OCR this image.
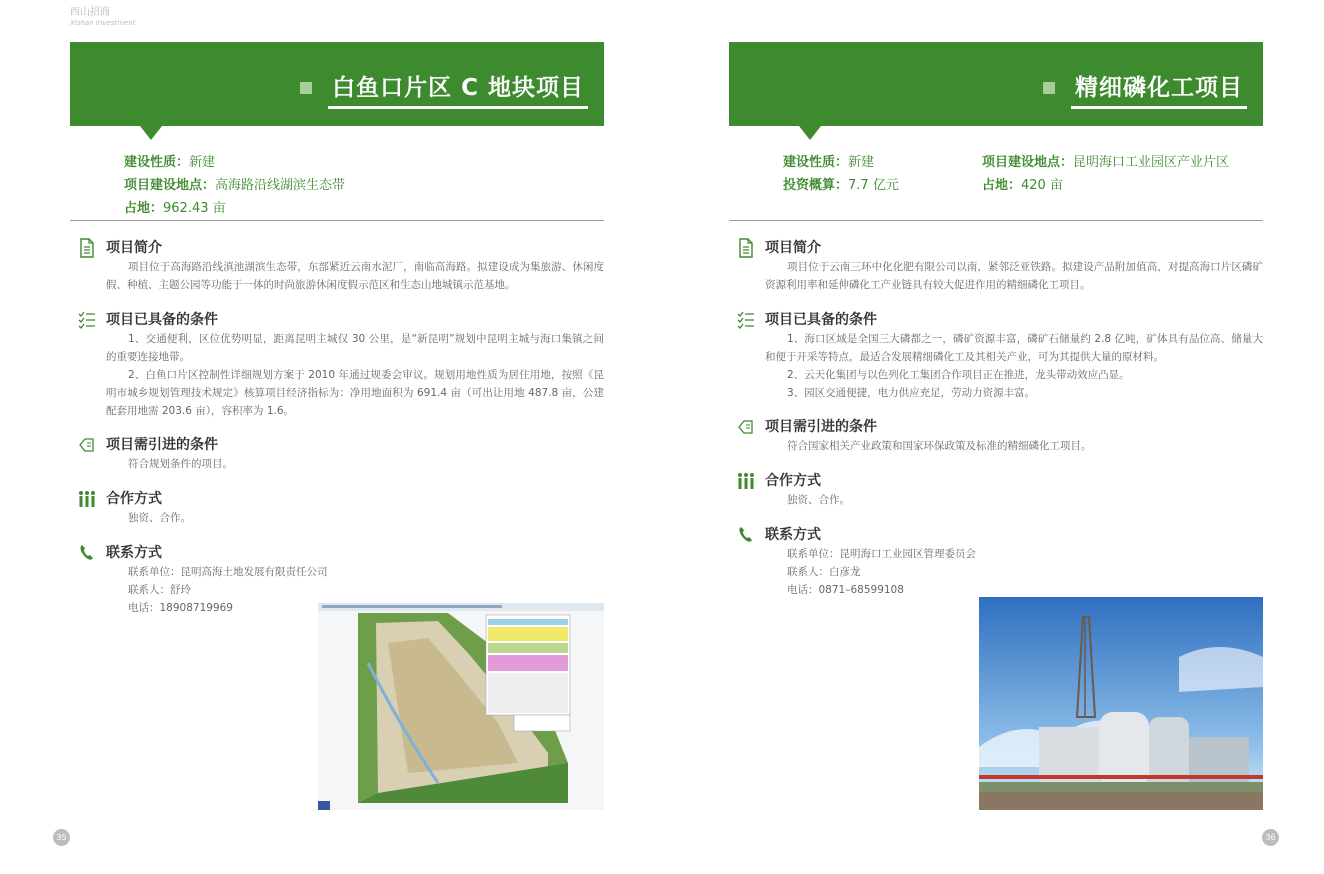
西山招商
Xishan Investment
白鱼口片区 C 地块项目
建设性质：新建
项目建设地点：高海路沿线湖滨生态带
占地：962.43 亩
项目简介
项目位于高海路沿线滇池湖滨生态带，东部紧近云南水泥厂，南临高海路。拟建设成为集旅游、休闲度假、种植、主题公园等功能于一体的时尚旅游休闲度假示范区和生态山地城镇示范基地。
项目已具备的条件
1、交通便利，区位优势明显，距离昆明主城仅 30 公里，是“新昆明”规划中昆明主城与海口集镇之间的重要连接地带。
2、白鱼口片区控制性详细规划方案于 2010 年通过规委会审议。规划用地性质为居住用地，按照《昆明市城乡规划管理技术规定》核算项目经济指标为：净用地面积为 691.4 亩（可出让用地 487.8 亩，公建配套用地需 203.6 亩），容积率为 1.6。
项目需引进的条件
符合规划条件的项目。
合作方式
独资、合作。
联系方式
联系单位：昆明高海土地发展有限责任公司
联系人：舒玲
电话：18908719969
35
精细磷化工项目
建设性质：新建	项目建设地点：昆明海口工业园区产业片区
投资概算：7.7 亿元	占地：420 亩
项目简介
项目位于云南三环中化化肥有限公司以南，紧邻泛亚铁路。拟建设产品附加值高，对提高海口片区磷矿资源利用率和延伸磷化工产业链具有较大促进作用的精细磷化工项目。
项目已具备的条件
1、海口区域是全国三大磷都之一，磷矿资源丰富，磷矿石储量约 2.8 亿吨，矿体具有品位高、储量大和便于开采等特点，最适合发展精细磷化工及其相关产业，可为其提供大量的原材料。
2、云天化集团与以色列化工集团合作项目正在推进，龙头带动效应凸显。
3、园区交通便捷，电力供应充足，劳动力资源丰富。
项目需引进的条件
符合国家相关产业政策和国家环保政策及标准的精细磷化工项目。
合作方式
独资、合作。
联系方式
联系单位：昆明海口工业园区管理委员会
联系人：白彦龙
电话：0871–68599108
36
